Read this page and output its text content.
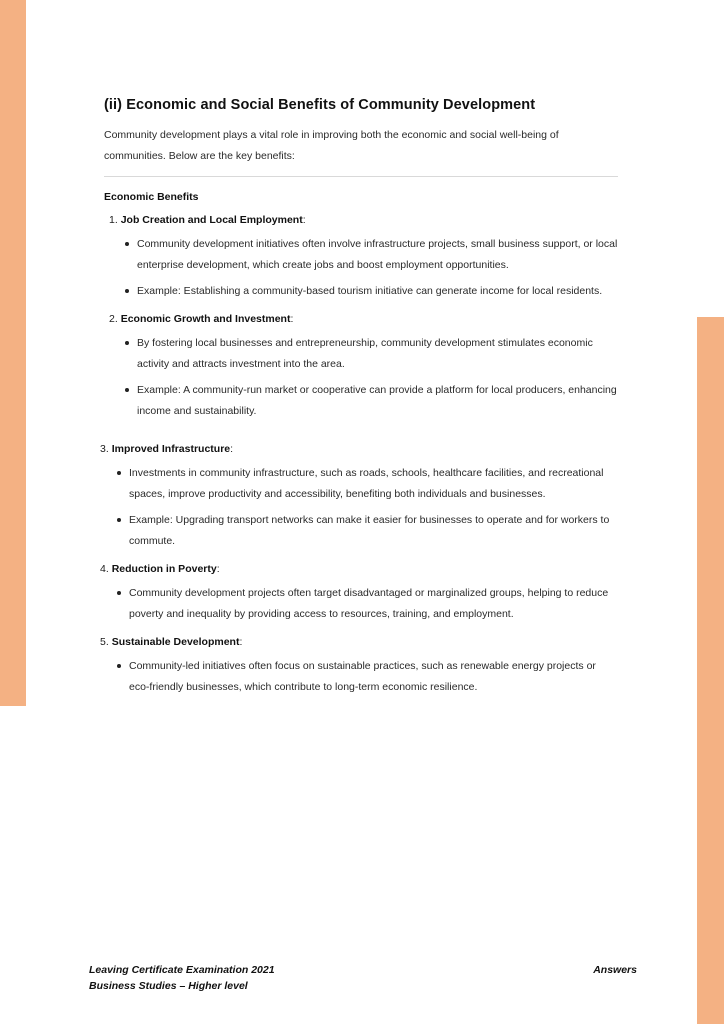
(ii) Economic and Social Benefits of Community Development

Community development plays a vital role in improving both the economic and social well-being of communities. Below are the key benefits:

Economic Benefits

1. Job Creation and Local Employment:

Community development initiatives often involve infrastructure projects, small business support, or local enterprise development, which create jobs and boost employment opportunities.
Example: Establishing a community-based tourism initiative can generate income for local residents.

2. Economic Growth and Investment:

By fostering local businesses and entrepreneurship, community development stimulates economic activity and attracts investment into the area.
Example: A community-run market or cooperative can provide a platform for local producers, enhancing income and sustainability.

3. Improved Infrastructure:

Investments in community infrastructure, such as roads, schools, healthcare facilities, and recreational spaces, improve productivity and accessibility, benefiting both individuals and businesses.
Example: Upgrading transport networks can make it easier for businesses to operate and for workers to commute.

4. Reduction in Poverty:

Community development projects often target disadvantaged or marginalized groups, helping to reduce poverty and inequality by providing access to resources, training, and employment.

5. Sustainable Development:

Community-led initiatives often focus on sustainable practices, such as renewable energy projects or eco-friendly businesses, which contribute to long-term economic resilience.
Leaving Certificate Examination 2021
Business Studies – Higher level
Answers
